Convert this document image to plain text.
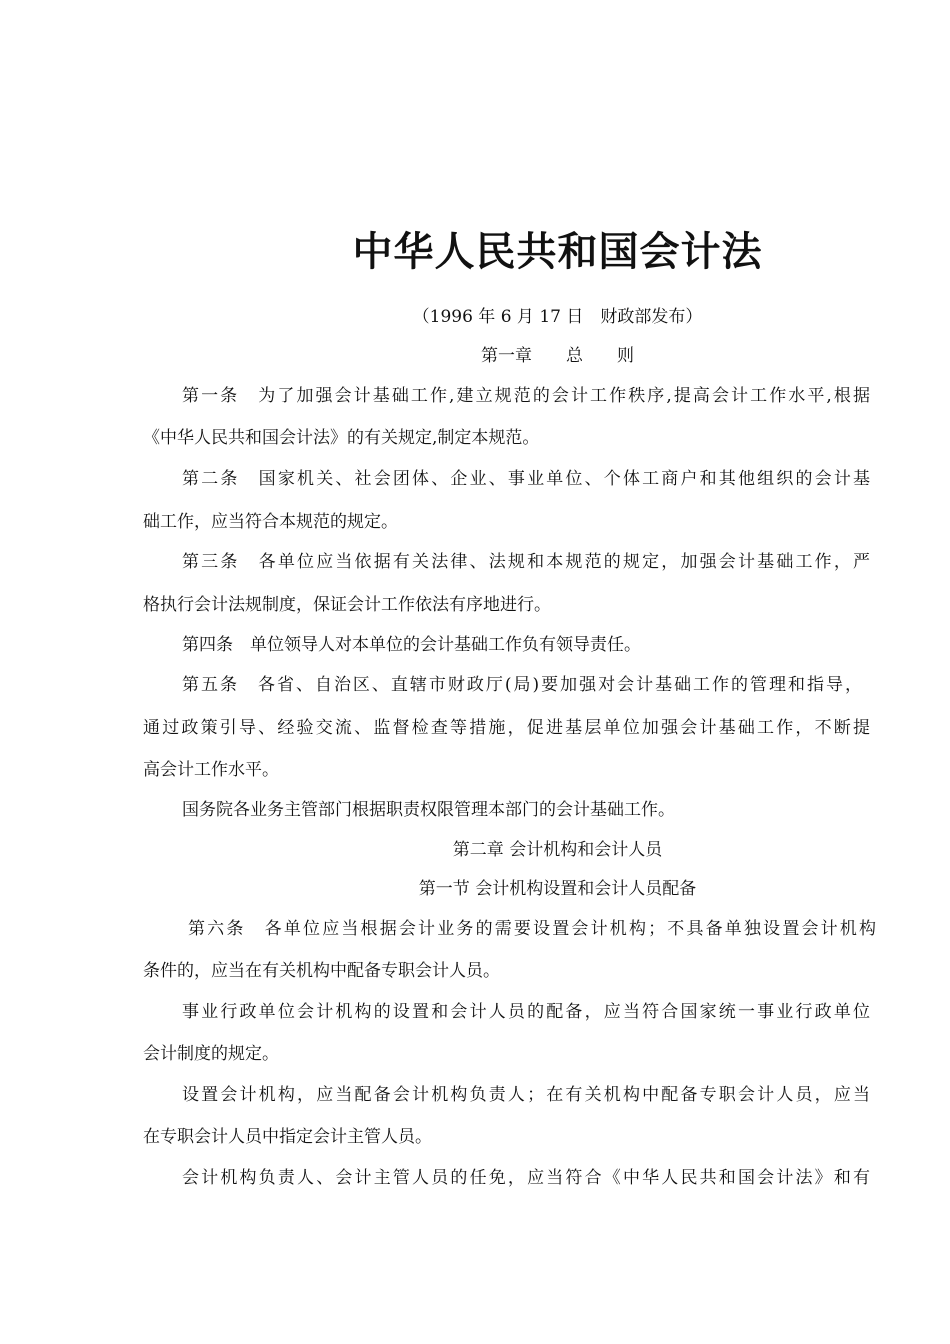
中华人民共和国会计法
（1996 年 6 月 17 日　财政部发布）
第一章　　总　　则
第一条　为了加强会计基础工作,建立规范的会计工作秩序,提高会计工作水平,根据
《中华人民共和国会计法》的有关规定,制定本规范。
第二条　国家机关、社会团体、企业、事业单位、个体工商户和其他组织的会计基
础工作，应当符合本规范的规定。
第三条　各单位应当依据有关法律、法规和本规范的规定，加强会计基础工作，严
格执行会计法规制度，保证会计工作依法有序地进行。
第四条　单位领导人对本单位的会计基础工作负有领导责任。
第五条　各省、自治区、直辖市财政厅(局)要加强对会计基础工作的管理和指导，
通过政策引导、经验交流、监督检查等措施，促进基层单位加强会计基础工作，不断提
高会计工作水平。
国务院各业务主管部门根据职责权限管理本部门的会计基础工作。
第二章 会计机构和会计人员
第一节 会计机构设置和会计人员配备
第六条　各单位应当根据会计业务的需要设置会计机构；不具备单独设置会计机构
条件的，应当在有关机构中配备专职会计人员。
事业行政单位会计机构的设置和会计人员的配备，应当符合国家统一事业行政单位
会计制度的规定。
设置会计机构，应当配备会计机构负责人；在有关机构中配备专职会计人员，应当
在专职会计人员中指定会计主管人员。
会计机构负责人、会计主管人员的任免，应当符合《中华人民共和国会计法》和有
